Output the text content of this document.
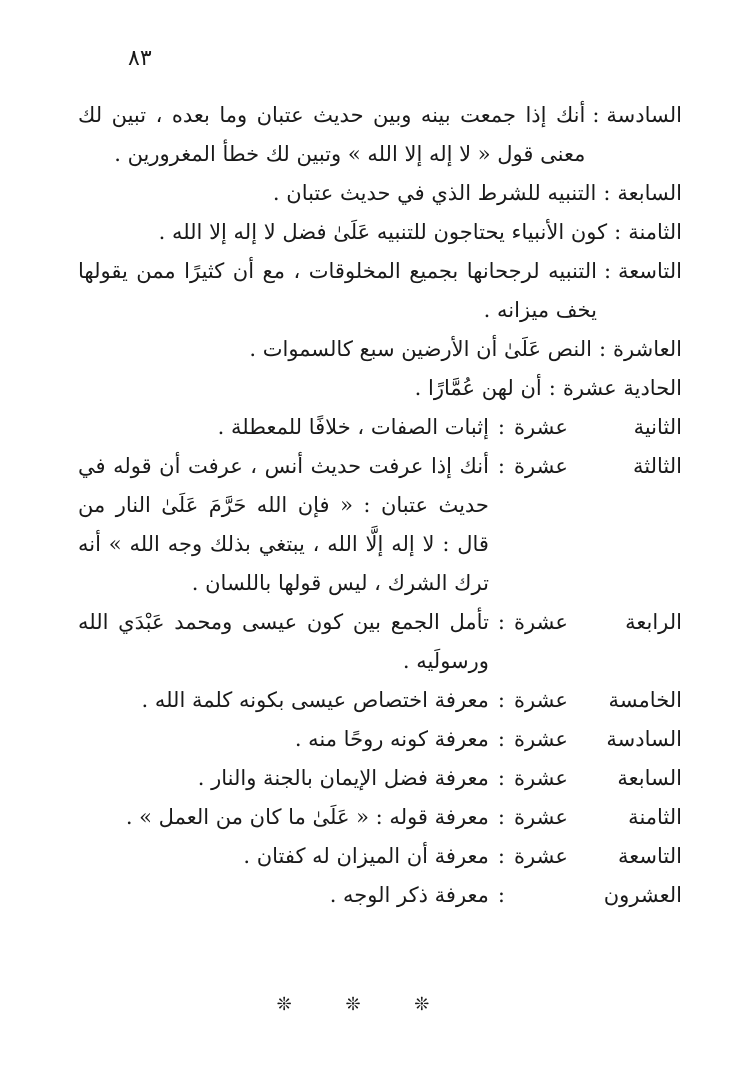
٨٣
السادسة
:
أنك إذا جمعت بينه وبين حديث عتبان وما بعده ، تبين لك معنى قول « لا إله إلا الله » وتبين لك خطأ المغرورين .
السابعة
:
التنبيه للشرط الذي في حديث عتبان .
الثامنة
:
كون الأنبياء يحتاجون للتنبيه عَلَىٰ فضل لا إله إلا الله .
التاسعة
:
التنبيه لرجحانها بجميع المخلوقات ، مع أن كثيرًا ممن يقولها يخف ميزانه .
العاشرة
:
النص عَلَىٰ أن الأرضين سبع كالسموات .
الحادية عشرة
:
أن لهن عُمَّارًا .
الثانية عشرة
:
إثبات الصفات ، خلافًا للمعطلة .
الثالثة عشرة
:
أنك إذا عرفت حديث أنس ، عرفت أن قوله في حديث عتبان : « فإن الله حَرَّمَ عَلَىٰ النار من قال : لا إله إلَّا الله ، يبتغي بذلك وجه الله » أنه ترك الشرك ، ليس قولها باللسان .
الرابعة عشرة
:
تأمل الجمع بين كون عيسى ومحمد عَبْدَي الله ورسولَيه .
الخامسة عشرة
:
معرفة اختصاص عيسى بكونه كلمة الله .
السادسة عشرة
:
معرفة كونه روحًا منه .
السابعة عشرة
:
معرفة فضل الإيمان بالجنة والنار .
الثامنة عشرة
:
معرفة قوله : « عَلَىٰ ما كان من العمل » .
التاسعة عشرة
:
معرفة أن الميزان له كفتان .
العشرون
:
معرفة ذكر الوجه .
❊ ❊ ❊
